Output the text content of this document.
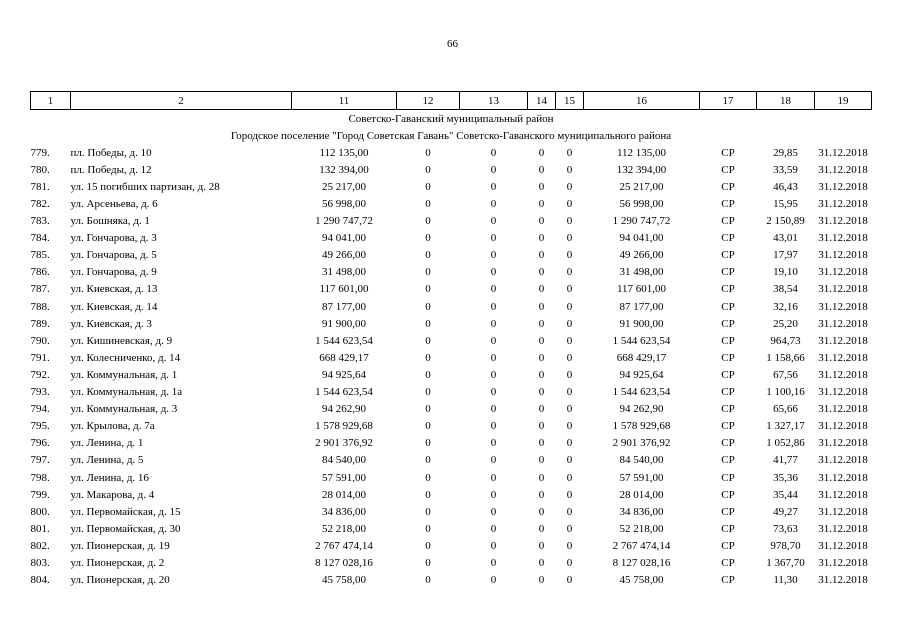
66
1	2	11	12	13	14	15	16	17	18	19
Советско-Гаванский муниципальный район										
Городское поселение "Город Советская Гавань" Советско-Гаванского муниципального района										
779.	пл. Победы, д. 10	112 135,00	0	0	0	0	112 135,00	СР	29,85	31.12.2018
780.	пл. Победы, д. 12	132 394,00	0	0	0	0	132 394,00	СР	33,59	31.12.2018
781.	ул. 15 погибших партизан, д. 28	25 217,00	0	0	0	0	25 217,00	СР	46,43	31.12.2018
782.	ул. Арсеньева, д. 6	56 998,00	0	0	0	0	56 998,00	СР	15,95	31.12.2018
783.	ул. Бошняка, д. 1	1 290 747,72	0	0	0	0	1 290 747,72	СР	2 150,89	31.12.2018
784.	ул. Гончарова, д. 3	94 041,00	0	0	0	0	94 041,00	СР	43,01	31.12.2018
785.	ул. Гончарова, д. 5	49 266,00	0	0	0	0	49 266,00	СР	17,97	31.12.2018
786.	ул. Гончарова, д. 9	31 498,00	0	0	0	0	31 498,00	СР	19,10	31.12.2018
787.	ул. Киевская, д. 13	117 601,00	0	0	0	0	117 601,00	СР	38,54	31.12.2018
788.	ул. Киевская, д. 14	87 177,00	0	0	0	0	87 177,00	СР	32,16	31.12.2018
789.	ул. Киевская, д. 3	91 900,00	0	0	0	0	91 900,00	СР	25,20	31.12.2018
790.	ул. Кишиневская, д. 9	1 544 623,54	0	0	0	0	1 544 623,54	СР	964,73	31.12.2018
791.	ул. Колесниченко, д. 14	668 429,17	0	0	0	0	668 429,17	СР	1 158,66	31.12.2018
792.	ул. Коммунальная, д. 1	94 925,64	0	0	0	0	94 925,64	СР	67,56	31.12.2018
793.	ул. Коммунальная, д. 1а	1 544 623,54	0	0	0	0	1 544 623,54	СР	1 100,16	31.12.2018
794.	ул. Коммунальная, д. 3	94 262,90	0	0	0	0	94 262,90	СР	65,66	31.12.2018
795.	ул. Крылова, д. 7а	1 578 929,68	0	0	0	0	1 578 929,68	СР	1 327,17	31.12.2018
796.	ул. Ленина, д. 1	2 901 376,92	0	0	0	0	2 901 376,92	СР	1 052,86	31.12.2018
797.	ул. Ленина, д. 5	84 540,00	0	0	0	0	84 540,00	СР	41,77	31.12.2018
798.	ул. Ленина, д. 16	57 591,00	0	0	0	0	57 591,00	СР	35,36	31.12.2018
799.	ул. Макарова, д. 4	28 014,00	0	0	0	0	28 014,00	СР	35,44	31.12.2018
800.	ул. Первомайская, д. 15	34 836,00	0	0	0	0	34 836,00	СР	49,27	31.12.2018
801.	ул. Первомайская, д. 30	52 218,00	0	0	0	0	52 218,00	СР	73,63	31.12.2018
802.	ул. Пионерская, д. 19	2 767 474,14	0	0	0	0	2 767 474,14	СР	978,70	31.12.2018
803.	ул. Пионерская, д. 2	8 127 028,16	0	0	0	0	8 127 028,16	СР	1 367,70	31.12.2018
804.	ул. Пионерская, д. 20	45 758,00	0	0	0	0	45 758,00	СР	11,30	31.12.2018
